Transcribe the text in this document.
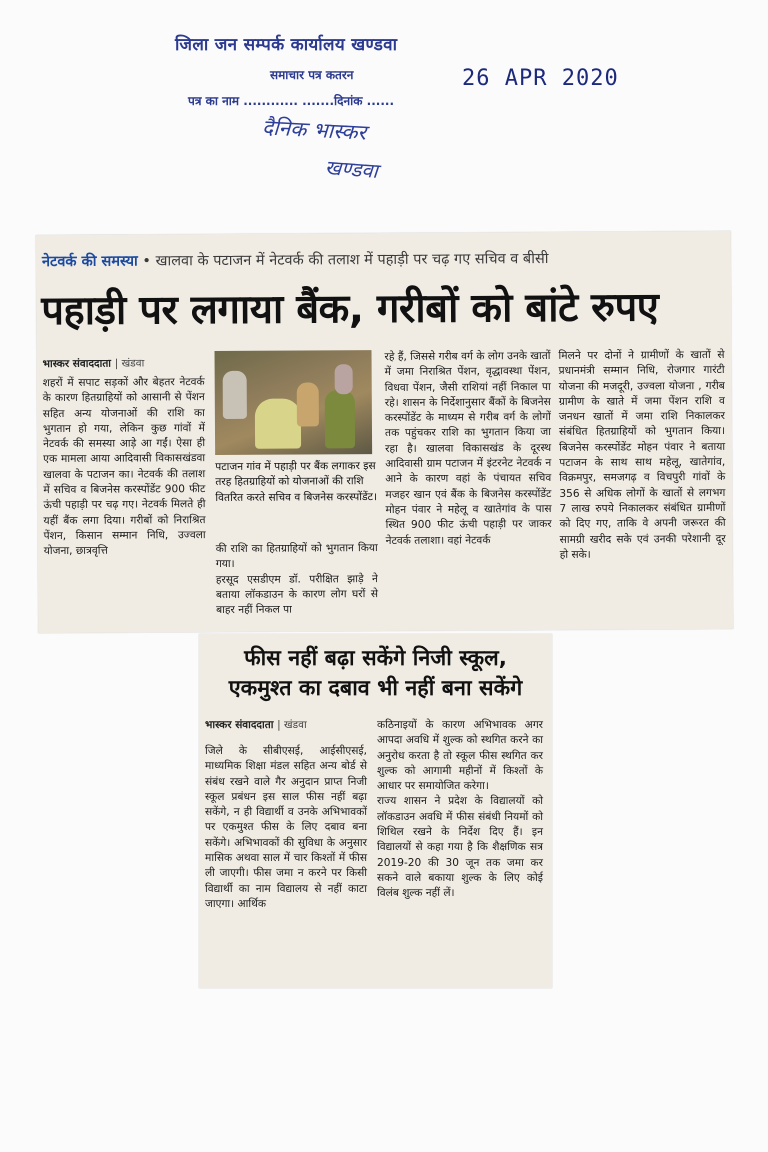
जिला जन सम्पर्क कार्यालय खण्डवा
समाचार पत्र कतरन	26 APR 2020
पत्र का नाम ............ .......दिनांक ......
दैनिक भास्कर
खण्डवा
नेटवर्क की समस्या • खालवा के पटाजन में नेटवर्क की तलाश में पहाड़ी पर चढ़ गए सचिव व बीसी
पहाड़ी पर लगाया बैंक, गरीबों को बांटे रुपए
भास्कर संवाददाता | खंडवा
शहरों में सपाट सड़कों और बेहतर नेटवर्क के कारण हितग्राहियों को आसानी से पेंशन सहित अन्य योजनाओं की राशि का भुगतान हो गया, लेकिन कुछ गांवों में नेटवर्क की समस्या आड़े आ गईं। ऐसा ही एक मामला आया आदिवासी विकासखंडवा खालवा के पटाजन का। नेटवर्क की तलाश में सचिव व बिजनेस करस्पोंडेंट 900 फीट ऊंची पहाड़ी पर चढ़ गए। नेटवर्क मिलते ही यहीं बैंक लगा दिया। गरीबों को निराश्रित पेंशन, किसान सम्मान निधि, उज्वला योजना, छात्रवृत्ति
पटाजन गांव में पहाड़ी पर बैंक लगाकर इस तरह हितग्राहियों को योजनाओं की राशि वितरित करते सचिव व बिजनेस करस्पोंडेंट।
की राशि का हितग्राहियों को भुगतान किया गया।
हरसूद एसडीएम डॉ. परीक्षित झाड़े ने बताया लॉकडाउन के कारण लोग घरों से बाहर नहीं निकल पा
रहे हैं, जिससे गरीब वर्ग के लोग उनके खातों में जमा निराश्रित पेंशन, वृद्धावस्था पेंशन, विधवा पेंशन, जैसी राशियां नहीं निकाल पा रहे। शासन के निर्देशानुसार बैंकों के बिजनेस करस्पोंडेंट के माध्यम से गरीब वर्ग के लोगों तक पहुंचकर राशि का भुगतान किया जा रहा है। खालवा विकासखंड के दूरस्थ आदिवासी ग्राम पटाजन में इंटरनेट नेटवर्क न आने के कारण वहां के पंचायत सचिव मजहर खान एवं बैंक के बिजनेस करस्पोंडेंट मोहन पंवार ने महेलू व खातेगांव के पास स्थित 900 फीट ऊंची पहाड़ी पर जाकर नेटवर्क तलाशा। वहां नेटवर्क
मिलने पर दोनों ने ग्रामीणों के खातों से प्रधानमंत्री सम्मान निधि, रोजगार गारंटी योजना की मजदूरी, उज्वला योजना , गरीब ग्रामीण के खाते में जमा पेंशन राशि व जनधन खातों में जमा राशि निकालकर संबंधित हितग्राहियों को भुगतान किया। बिजनेस करस्पोंडेंट मोहन पंवार ने बताया पटाजन के साथ साथ महेलू, खातेगांव, विक्रमपुर, समजगढ़ व विचपुरी गांवों के 356 से अधिक लोगों के खातों से लगभग 7 लाख रुपये निकालकर संबंधित ग्रामीणों को दिए गए, ताकि वे अपनी जरूरत की सामग्री खरीद सके एवं उनकी परेशानी दूर हो सके।
फीस नहीं बढ़ा सकेंगे निजी स्कूल,
एकमुश्त का दबाव भी नहीं बना सकेंगे
भास्कर संवाददाता | खंडवा
जिले के सीबीएसई, आईसीएसई, माध्यमिक शिक्षा मंडल सहित अन्य बोर्ड से संबंध रखने वाले गैर अनुदान प्राप्त निजी स्कूल प्रबंधन इस साल फीस नहीं बढ़ा सकेंगे, न ही विद्यार्थी व उनके अभिभावकों पर एकमुश्त फीस के लिए दबाव बना सकेंगे। अभिभावकों की सुविधा के अनुसार मासिक अथवा साल में चार किश्तों में फीस ली जाएगी। फीस जमा न करने पर किसी विद्यार्थी का नाम विद्यालय से नहीं काटा जाएगा। आर्थिक
कठिनाइयों के कारण अभिभावक अगर आपदा अवधि में शुल्क को स्थगित करने का अनुरोध करता है तो स्कूल फीस स्थगित कर शुल्क को आगामी महीनों में किश्तों के आधार पर समायोजित करेगा।
राज्य शासन ने प्रदेश के विद्यालयों को लॉकडाउन अवधि में फीस संबंधी नियमों को शिथिल रखने के निर्देश दिए हैं। इन विद्यालयों से कहा गया है कि शैक्षणिक सत्र 2019-20 की 30 जून तक जमा कर सकने वाले बकाया शुल्क के लिए कोई विलंब शुल्क नहीं लें।
